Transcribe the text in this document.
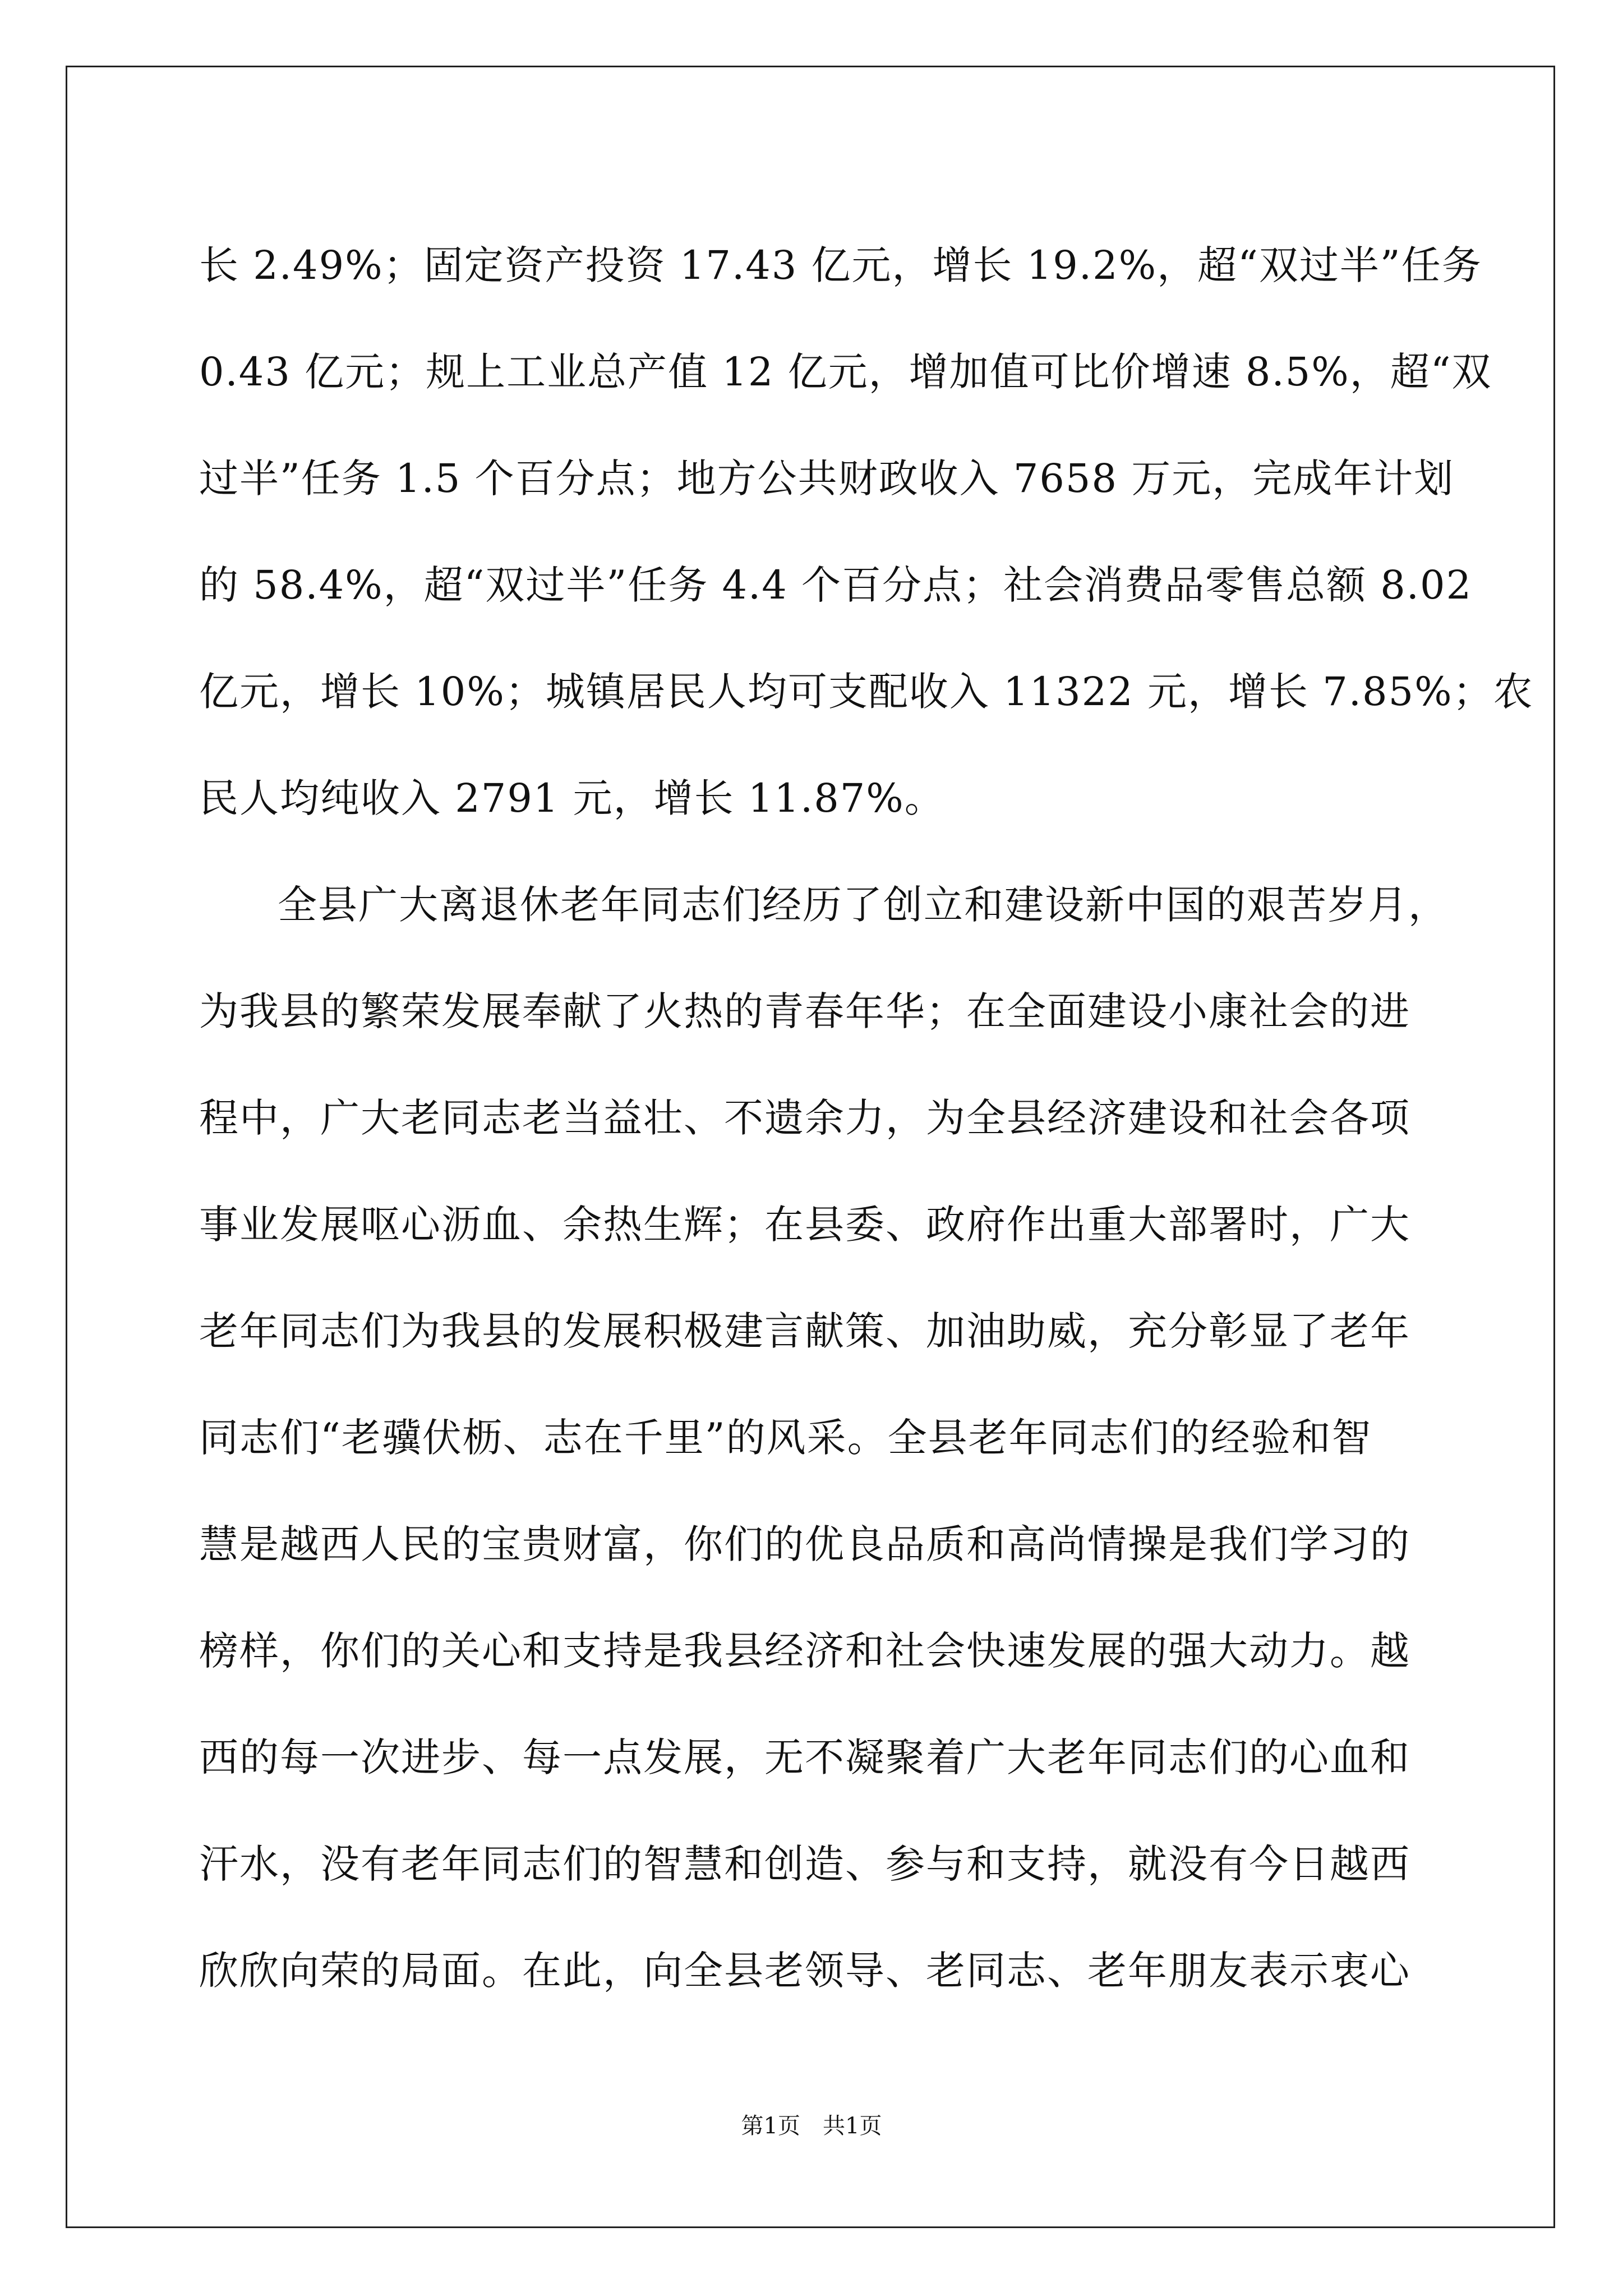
长 2.49%；固定资产投资 17.43 亿元，增长 19.2%，超“双过半”任务
0.43 亿元；规上工业总产值 12 亿元，增加值可比价增速 8.5%，超“双
过半”任务 1.5 个百分点；地方公共财政收入 7658 万元，完成年计划
的 58.4%，超“双过半”任务 4.4 个百分点；社会消费品零售总额 8.02
亿元，增长 10%；城镇居民人均可支配收入 11322 元，增长 7.85%；农
民人均纯收入 2791 元，增长 11.87%。
全县广大离退休老年同志们经历了创立和建设新中国的艰苦岁月，
为我县的繁荣发展奉献了火热的青春年华；在全面建设小康社会的进
程中，广大老同志老当益壮、不遗余力，为全县经济建设和社会各项
事业发展呕心沥血、余热生辉；在县委、政府作出重大部署时，广大
老年同志们为我县的发展积极建言献策、加油助威，充分彰显了老年
同志们“老骥伏枥、志在千里”的风采。全县老年同志们的经验和智
慧是越西人民的宝贵财富，你们的优良品质和高尚情操是我们学习的
榜样，你们的关心和支持是我县经济和社会快速发展的强大动力。越
西的每一次进步、每一点发展，无不凝聚着广大老年同志们的心血和
汗水，没有老年同志们的智慧和创造、参与和支持，就没有今日越西
欣欣向荣的局面。在此，向全县老领导、老同志、老年朋友表示衷心
第1页 共1页
